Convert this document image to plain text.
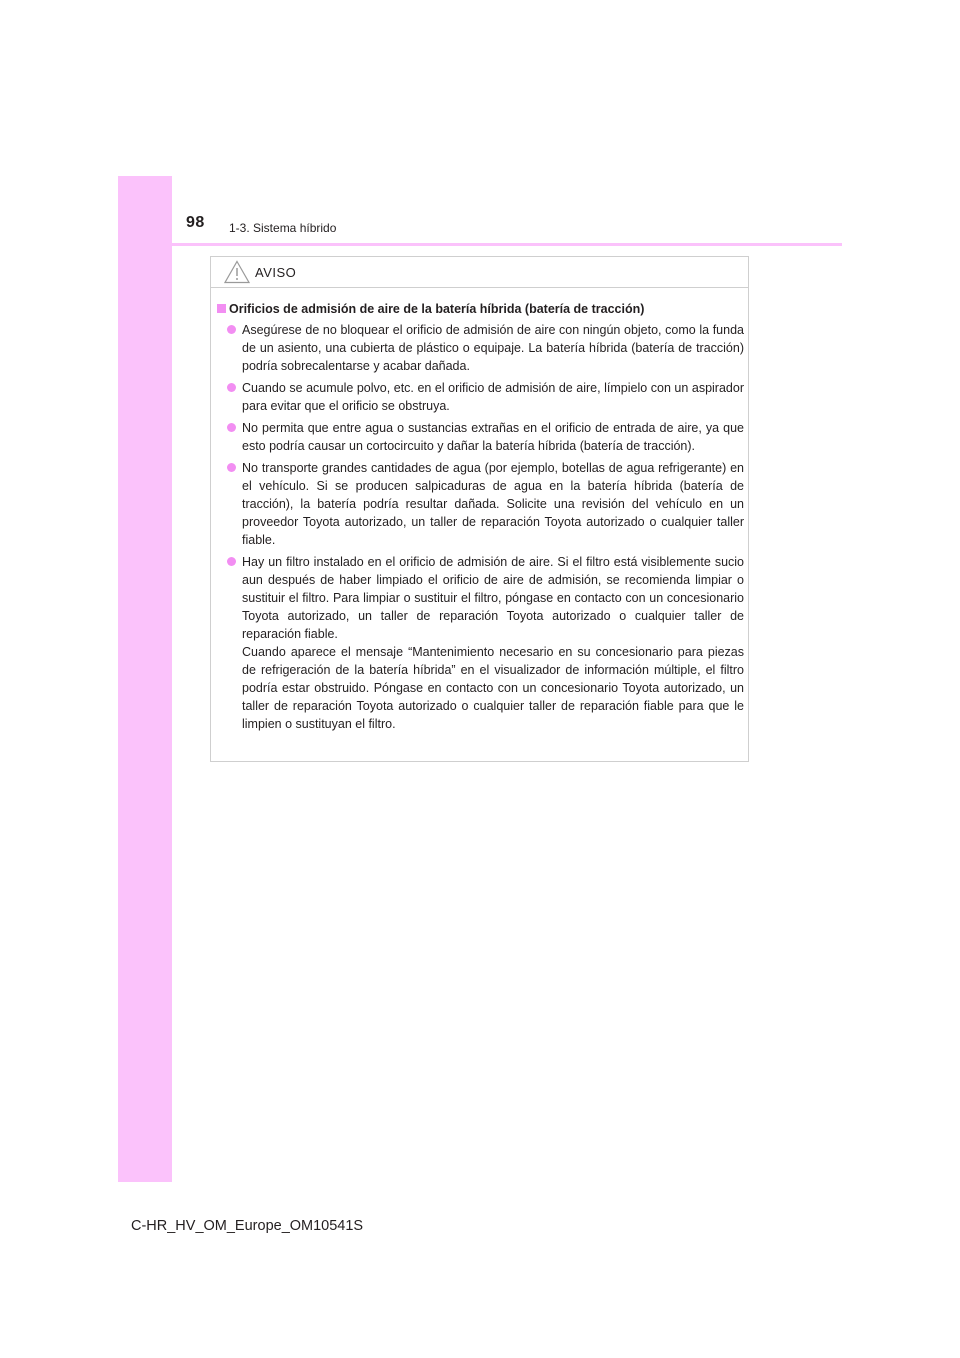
98 1-3. Sistema híbrido
AVISO
Orificios de admisión de aire de la batería híbrida (batería de tracción)
Asegúrese de no bloquear el orificio de admisión de aire con ningún objeto, como la funda de un asiento, una cubierta de plástico o equipaje. La batería híbrida (batería de tracción) podría sobrecalentarse y acabar dañada.
Cuando se acumule polvo, etc. en el orificio de admisión de aire, límpielo con un aspirador para evitar que el orificio se obstruya.
No permita que entre agua o sustancias extrañas en el orificio de entrada de aire, ya que esto podría causar un cortocircuito y dañar la batería híbrida (batería de tracción).
No transporte grandes cantidades de agua (por ejemplo, botellas de agua refrigerante) en el vehículo. Si se producen salpicaduras de agua en la batería híbrida (batería de tracción), la batería podría resultar dañada. Solicite una revisión del vehículo en un proveedor Toyota autorizado, un taller de reparación Toyota autorizado o cualquier taller fiable.
Hay un filtro instalado en el orificio de admisión de aire. Si el filtro está visiblemente sucio aun después de haber limpiado el orificio de aire de admisión, se recomienda limpiar o sustituir el filtro. Para limpiar o sustituir el filtro, póngase en contacto con un concesionario Toyota autorizado, un taller de reparación Toyota autorizado o cualquier taller de reparación fiable.
Cuando aparece el mensaje “Mantenimiento necesario en su concesionario para piezas de refrigeración de la batería híbrida” en el visualizador de información múltiple, el filtro podría estar obstruido. Póngase en contacto con un concesionario Toyota autorizado, un taller de reparación Toyota autorizado o cualquier taller de reparación fiable para que le limpien o sustituyan el filtro.
C-HR_HV_OM_Europe_OM10541S
